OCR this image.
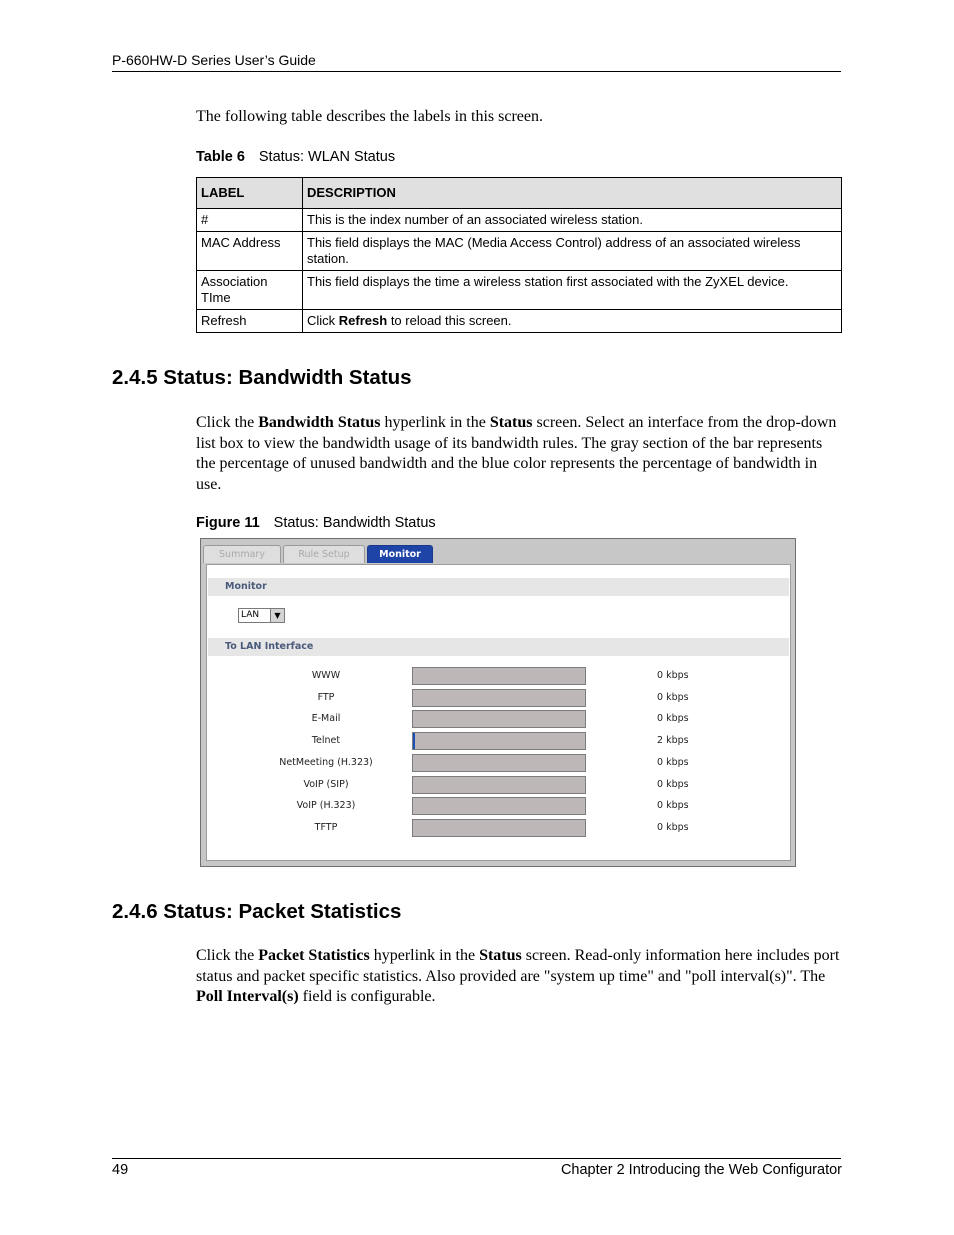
P-660HW-D Series User’s Guide
The following table describes the labels in this screen.
Table 6 Status: WLAN Status
LABEL	DESCRIPTION
#	This is the index number of an associated wireless station.
MAC Address	This field displays the MAC (Media Access Control) address of an associated wireless station.
Association TIme	This field displays the time a wireless station first associated with the ZyXEL device.
Refresh	Click Refresh to reload this screen.
2.4.5 Status: Bandwidth Status
Click the Bandwidth Status hyperlink in the Status screen. Select an interface from the drop-down list box to view the bandwidth usage of its bandwidth rules. The gray section of the bar represents the percentage of unused bandwidth and the blue color represents the percentage of bandwidth in use.
Figure 11 Status: Bandwidth Status
Summary	Rule Setup	Monitor
Monitor
LAN	▼
To LAN Interface
WWW	0 kbps
FTP	0 kbps
E-Mail	0 kbps
Telnet	2 kbps
NetMeeting (H.323)	0 kbps
VoIP (SIP)	0 kbps
VoIP (H.323)	0 kbps
TFTP	0 kbps
2.4.6 Status: Packet Statistics
Click the Packet Statistics hyperlink in the Status screen. Read-only information here includes port status and packet specific statistics. Also provided are "system up time" and "poll interval(s)". The Poll Interval(s) field is configurable.
49	Chapter 2 Introducing the Web Configurator
